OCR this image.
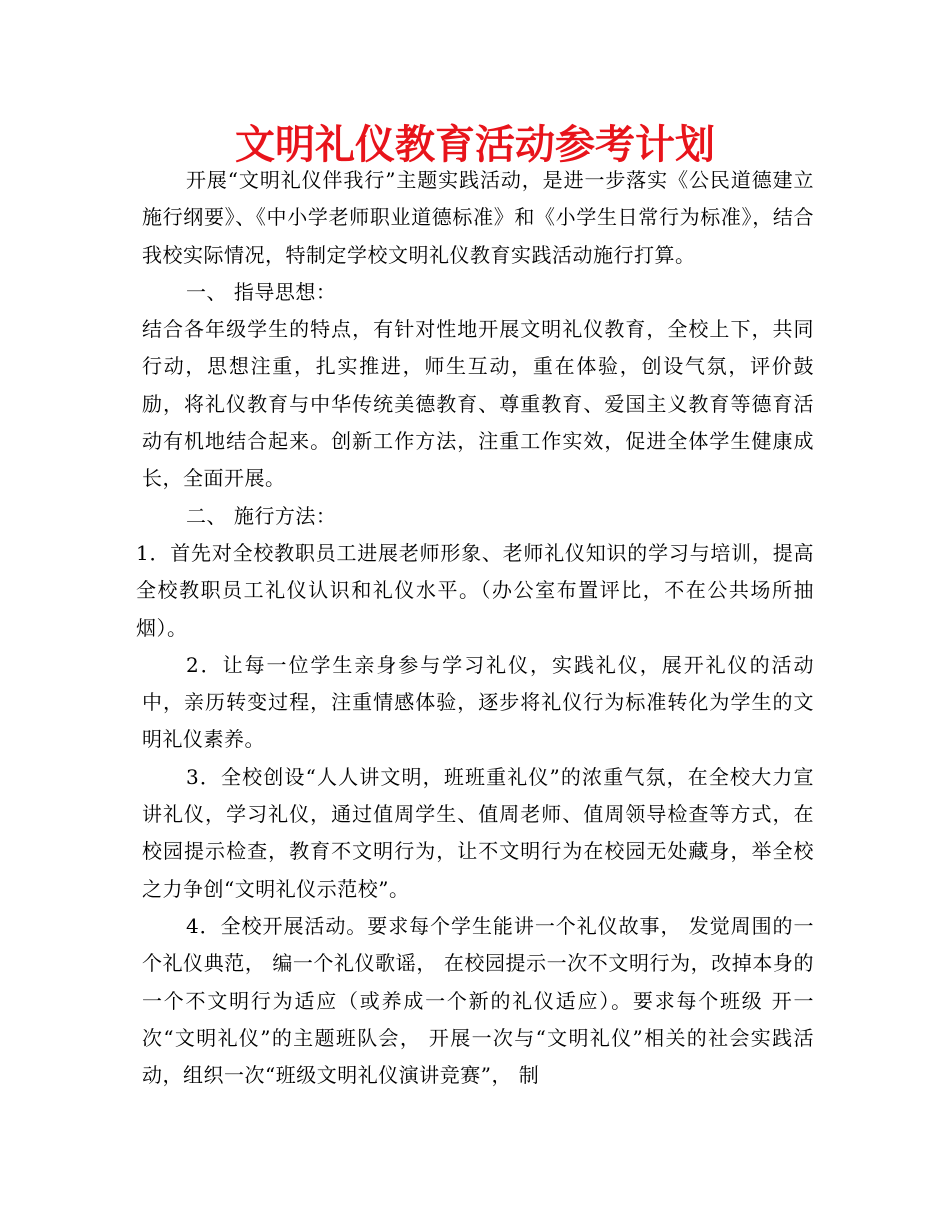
文明礼仪教育活动参考计划

开展“文明礼仪伴我行”主题实践活动，是进一步落实《公民道德建立施行纲要》、《中小学老师职业道德标准》和《小学生日常行为标准》，结合我校实际情况，特制定学校文明礼仪教育实践活动施行打算。

一、 指导思想：

结合各年级学生的特点，有针对性地开展文明礼仪教育，全校上下，共同行动，思想注重，扎实推进，师生互动，重在体验，创设气氛，评价鼓励，将礼仪教育与中华传统美德教育、尊重教育、爱国主义教育等德育活动有机地结合起来。创新工作方法，注重工作实效，促进全体学生健康成长，全面开展。

二、 施行方法：

1．首先对全校教职员工进展老师形象、老师礼仪知识的学习与培训，提高全校教职员工礼仪认识和礼仪水平。（办公室布置评比，不在公共场所抽烟）。

2．让每一位学生亲身参与学习礼仪，实践礼仪，展开礼仪的活动中，亲历转变过程，注重情感体验，逐步将礼仪行为标准转化为学生的文明礼仪素养。

3．全校创设“人人讲文明，班班重礼仪”的浓重气氛，在全校大力宣讲礼仪，学习礼仪，通过值周学生、值周老师、值周领导检查等方式，在校园提示检查，教育不文明行为，让不文明行为在校园无处藏身，举全校之力争创“文明礼仪示范校”。

4．全校开展活动。要求每个学生能讲一个礼仪故事， 发觉周围的一个礼仪典范， 编一个礼仪歌谣， 在校园提示一次不文明行为，改掉本身的一个不文明行为适应（或养成一个新的礼仪适应）。要求每个班级 开一次“文明礼仪”的主题班队会， 开展一次与“文明礼仪”相关的社会实践活动，组织一次“班级文明礼仪演讲竞赛”， 制
